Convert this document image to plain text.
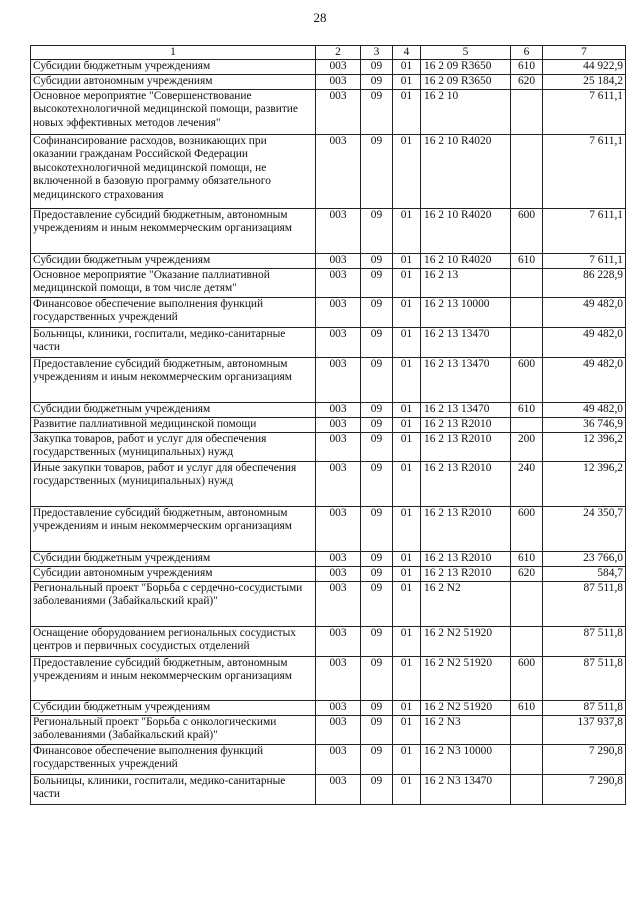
28
1	2	3	4	5	6	7
Субсидии бюджетным учреждениям	003	09	01	16 2 09 R3650	610	44 922,9
Субсидии автономным учреждениям	003	09	01	16 2 09 R3650	620	25 184,2
Основное мероприятие "Совершенствование высокотехнологичной медицинской помощи, развитие новых эффективных методов лечения"	003	09	01	16 2 10		7 611,1
Софинансирование расходов, возникающих при оказании гражданам Российской Федерации высокотехнологичной медицинской помощи, не включенной в базовую программу обязательного медицинского страхования	003	09	01	16 2 10 R4020		7 611,1
Предоставление субсидий бюджетным, автономным учреждениям и иным некоммерческим организациям	003	09	01	16 2 10 R4020	600	7 611,1
Субсидии бюджетным учреждениям	003	09	01	16 2 10 R4020	610	7 611,1
Основное мероприятие "Оказание паллиативной медицинской помощи, в том числе детям"	003	09	01	16 2 13		86 228,9
Финансовое обеспечение выполнения функций государственных учреждений	003	09	01	16 2 13 10000		49 482,0
Больницы, клиники, госпитали, медико-санитарные части	003	09	01	16 2 13 13470		49 482,0
Предоставление субсидий бюджетным, автономным учреждениям и иным некоммерческим организациям	003	09	01	16 2 13 13470	600	49 482,0
Субсидии бюджетным учреждениям	003	09	01	16 2 13 13470	610	49 482,0
Развитие паллиативной медицинской помощи	003	09	01	16 2 13 R2010		36 746,9
Закупка товаров, работ и услуг для обеспечения государственных (муниципальных) нужд	003	09	01	16 2 13 R2010	200	12 396,2
Иные закупки товаров, работ и услуг для обеспечения государственных (муниципальных) нужд	003	09	01	16 2 13 R2010	240	12 396,2
Предоставление субсидий бюджетным, автономным учреждениям и иным некоммерческим организациям	003	09	01	16 2 13 R2010	600	24 350,7
Субсидии бюджетным учреждениям	003	09	01	16 2 13 R2010	610	23 766,0
Субсидии автономным учреждениям	003	09	01	16 2 13 R2010	620	584,7
Региональный проект "Борьба с сердечно-сосудистыми заболеваниями (Забайкальский край)"	003	09	01	16 2 N2		87 511,8
Оснащение оборудованием региональных сосудистых центров и первичных сосудистых отделений	003	09	01	16 2 N2 51920		87 511,8
Предоставление субсидий бюджетным, автономным учреждениям и иным некоммерческим организациям	003	09	01	16 2 N2 51920	600	87 511,8
Субсидии бюджетным учреждениям	003	09	01	16 2 N2 51920	610	87 511,8
Региональный проект "Борьба с онкологическими заболеваниями (Забайкальский край)"	003	09	01	16 2 N3		137 937,8
Финансовое обеспечение выполнения функций государственных учреждений	003	09	01	16 2 N3 10000		7 290,8
Больницы, клиники, госпитали, медико-санитарные части	003	09	01	16 2 N3 13470		7 290,8
